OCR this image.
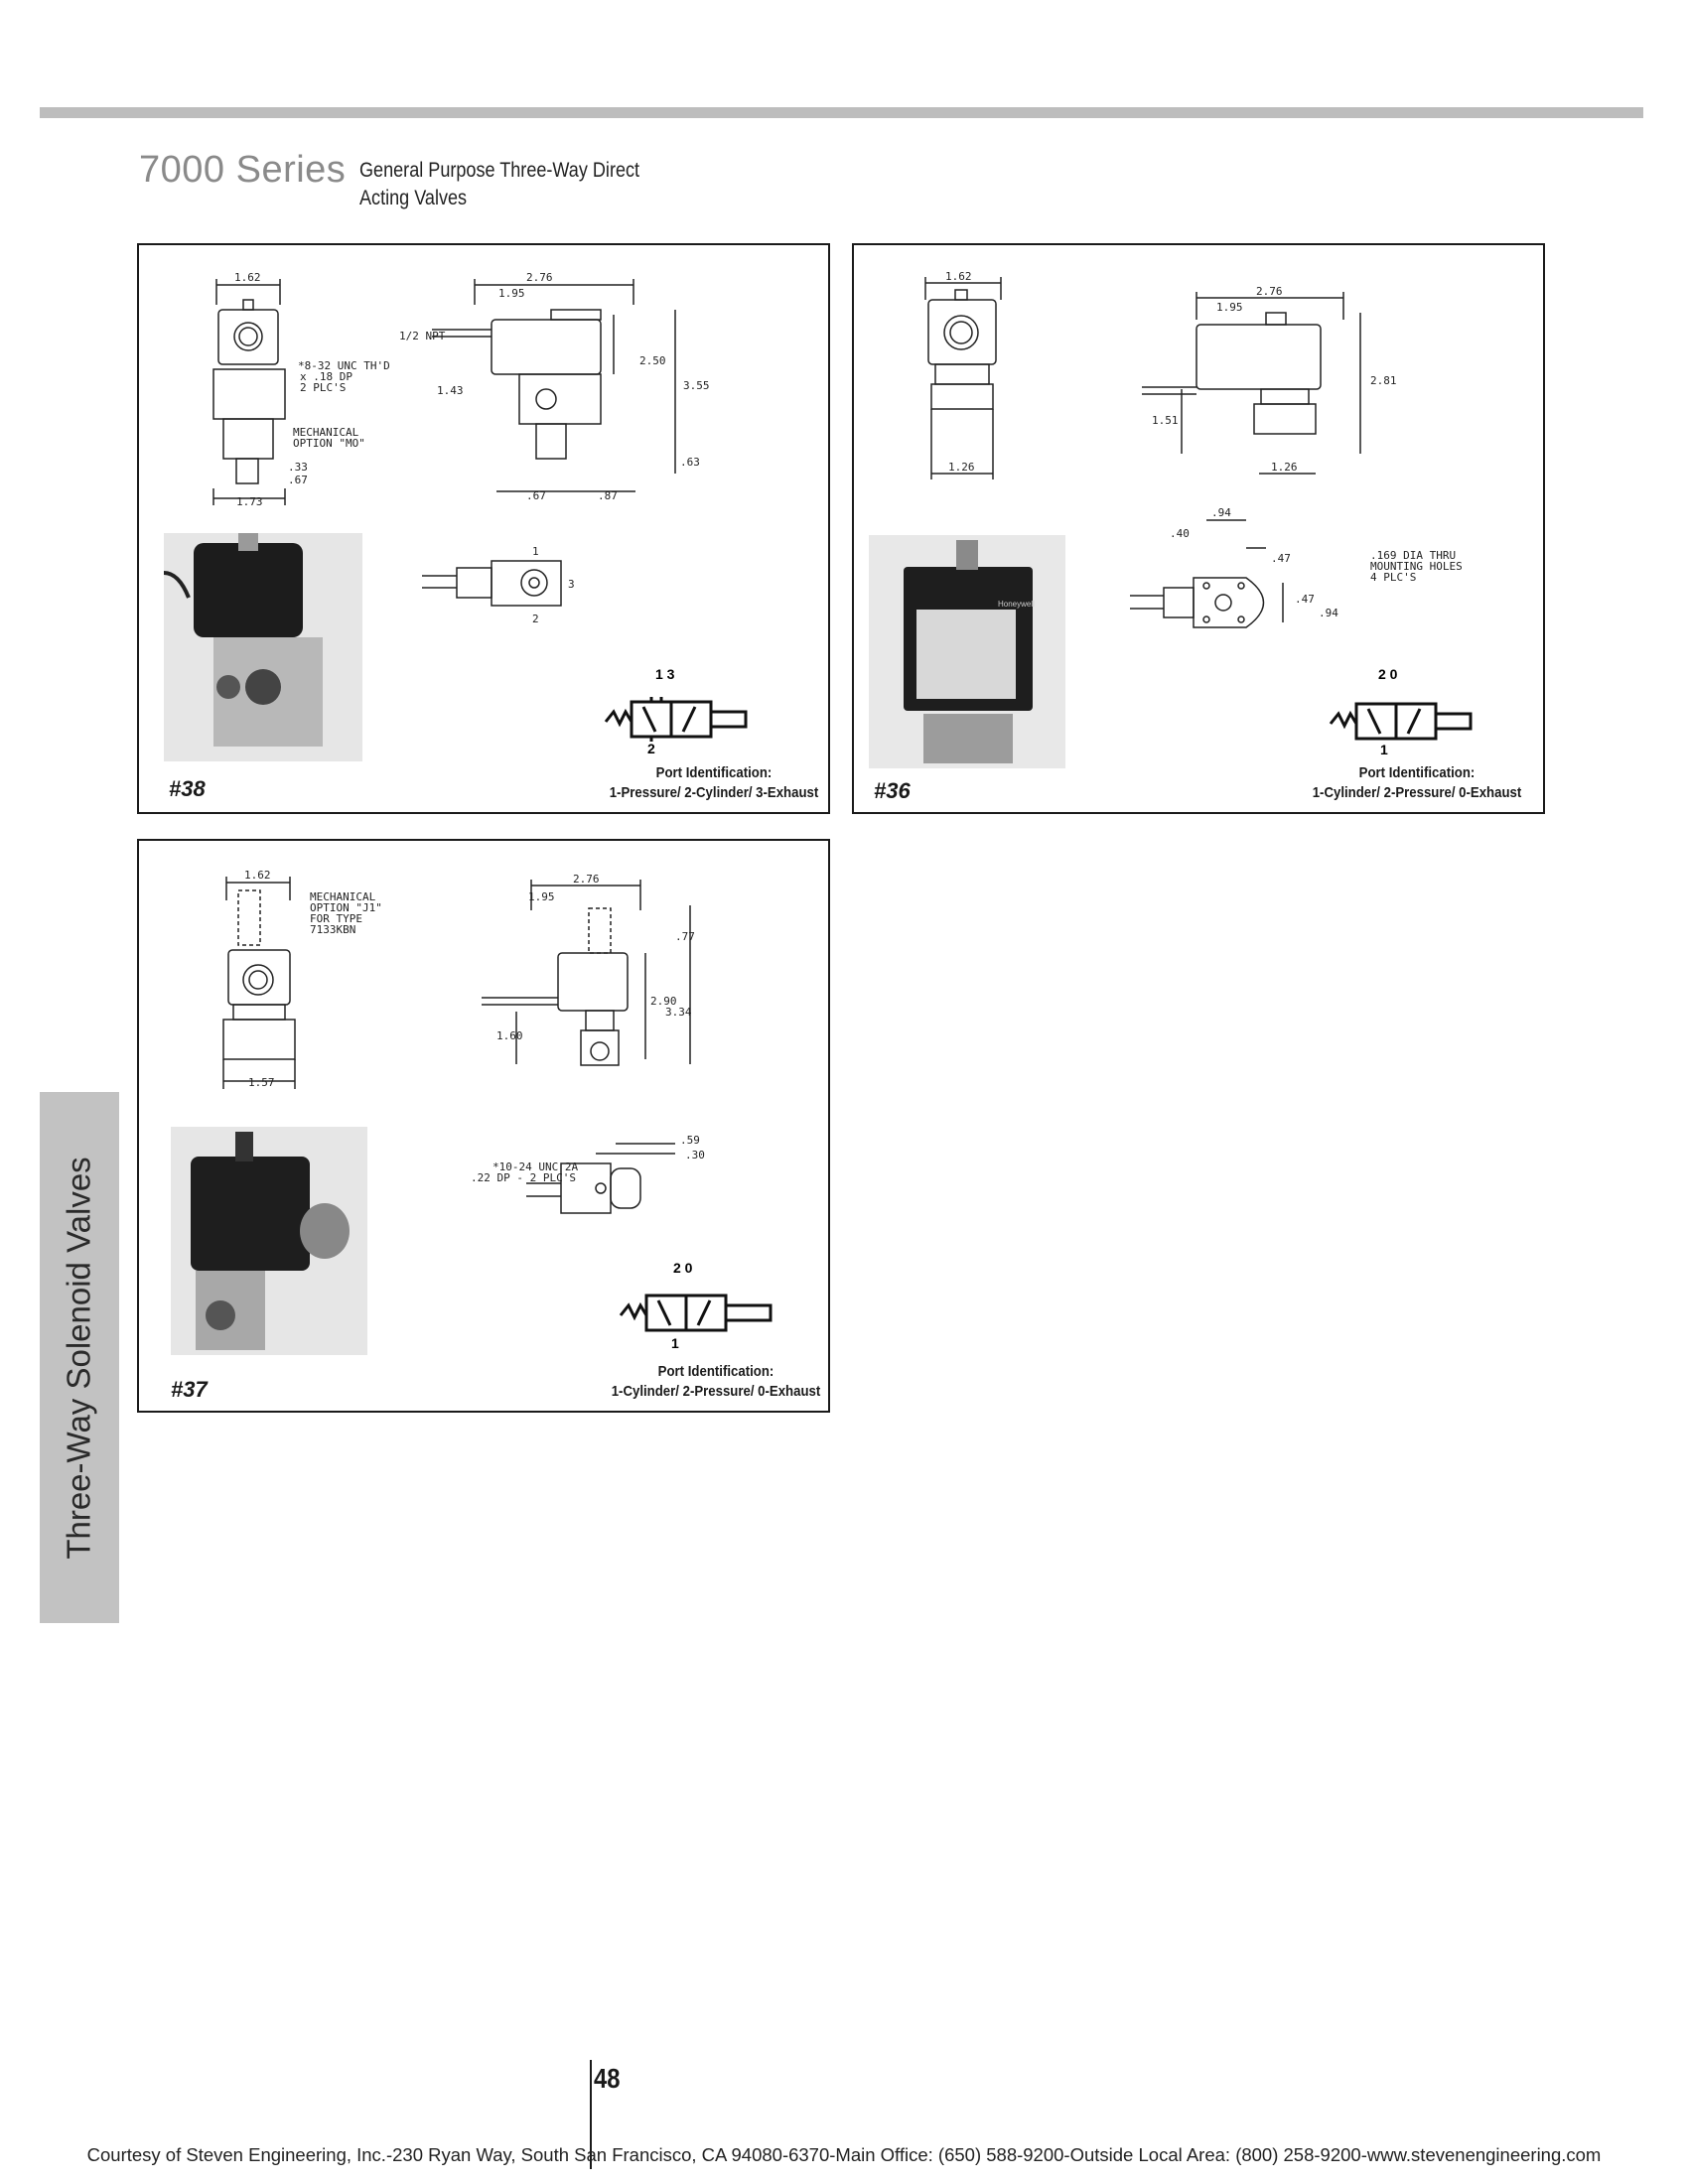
7000 Series General Purpose Three-Way Direct
Acting Valves
1.62
*8-32 UNC TH'D
x .18 DP
2 PLC'S
MECHANICAL
OPTION "MO"
.33
.67
1.73
2.76
1.95
1/2 NPT
2.50
3.55
1.43
.63
.67	.87
1
2
3
1 3
2
#38
Port Identification:
1-Pressure/ 2-Cylinder/ 3-Exhaust
1.62
1.26
2.76
1.95
2.81
1.51
1.26
.94
.40
.47	.169 DIA THRU
MOUNTING HOLES
4 PLC'S
.47
.94
2 0
1
Honeywell
#36
Port Identification:
1-Cylinder/ 2-Pressure/ 0-Exhaust
1.62
MECHANICAL
OPTION "J1"
FOR TYPE
7133KBN
1.57
2.76
1.95
.77
2.90
3.34
1.60
.59
.30
*10-24 UNC 2A
.22 DP - 2 PLC'S
2 0
1
#37
Port Identification:
1-Cylinder/ 2-Pressure/ 0-Exhaust
Three-Way Solenoid Valves
48
Courtesy of Steven Engineering, Inc.-230 Ryan Way, South San Francisco, CA 94080-6370-Main Office: (650) 588-9200-Outside Local Area: (800) 258-9200-www.stevenengineering.com
